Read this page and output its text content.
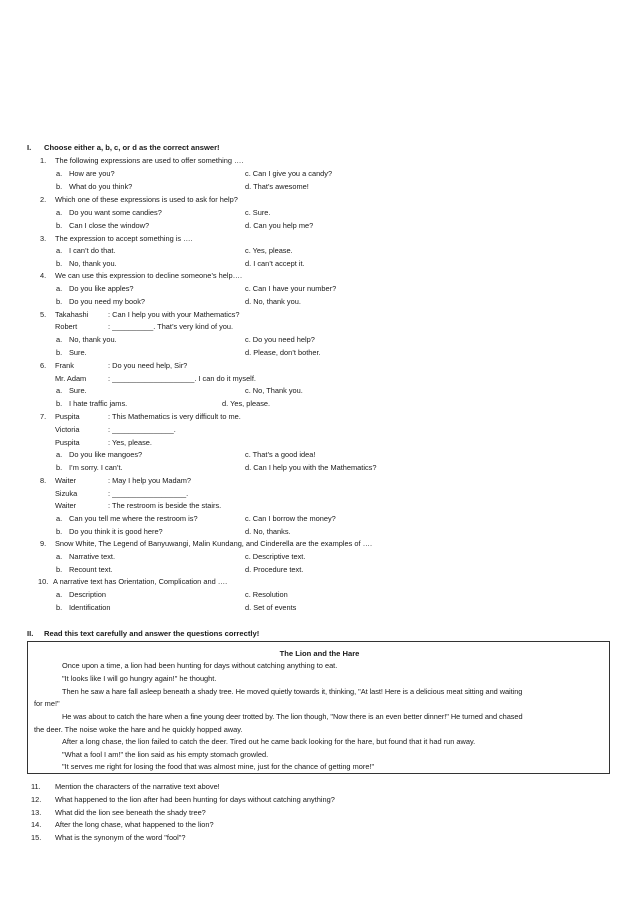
I. Choose either a, b, c, or d as the correct answer!
1. The following expressions are used to offer something ….
a. How are you?	c. Can I give you a candy?
b. What do you think?	d. That’s awesome!
2. Which one of these expressions is used to ask for help?
a. Do you want some candies?	c. Sure.
b. Can I close the window?	d. Can you help me?
3. The expression to accept something is ….
a. I can’t do that.	c. Yes, please.
b. No, thank you.	d. I can’t accept it.
4. We can use this expression to decline someone’s help….
a. Do you like apples?	c. Can I have your number?
b. Do you need my book?	d. No, thank you.
5. Takahashi	: Can I help you with your Mathematics?
Robert	: __________. That’s very kind of you.
a. No, thank you.	c. Do you need help?
b. Sure.	d. Please, don’t bother.
6. Frank	: Do you need help, Sir?
Mr. Adam	: ____________________. I can do it myself.
a. Sure.	c. No, Thank you.
b. I hate traffic jams.	d. Yes, please.
7. Puspita	: This Mathematics is very difficult to me.
Victoria	: _______________.
Puspita	: Yes, please.
a. Do you like mangoes?	c. That’s a good idea!
b. I’m sorry. I can’t.	d. Can I help you with the Mathematics?
8. Waiter	: May I help you Madam?
Sizuka	: __________________.
Waiter	: The restroom is beside the stairs.
a. Can you tell me where the restroom is?	c. Can I borrow the money?
b. Do you think it is good here?	d. No, thanks.
9. Snow White, The Legend of Banyuwangi, Malin Kundang, and Cinderella are the examples of ….
a. Narrative text.	c. Descriptive text.
b. Recount text.	d. Procedure text.
10. A narrative text has Orientation, Complication and ….
a. Description	c. Resolution
b. Identification	d. Set of events
II. Read this text carefully and answer the questions correctly!
The Lion and the Hare
Once upon a time, a lion had been hunting for days without catching anything to eat.
"It looks like I will go hungry again!" he thought.
Then he saw a hare fall asleep beneath a shady tree. He moved quietly towards it, thinking, "At last! Here is a delicious meat sitting and waiting
for me!"
He was about to catch the hare when a fine young deer trotted by. The lion though, "Now there is an even better dinner!" He turned and chased
the deer. The noise woke the hare and he quickly hopped away.
After a long chase, the lion failed to catch the deer. Tired out he came back looking for the hare, but found that it had run away.
"What a fool I am!" the lion said as his empty stomach growled.
"It serves me right for losing the food that was almost mine, just for the chance of getting more!"
11. Mention the characters of the narrative text above!
12. What happened to the lion after had been hunting for days without catching anything?
13. What did the lion see beneath the shady tree?
14. After the long chase, what happened to the lion?
15. What is the synonym of the word "fool"?
